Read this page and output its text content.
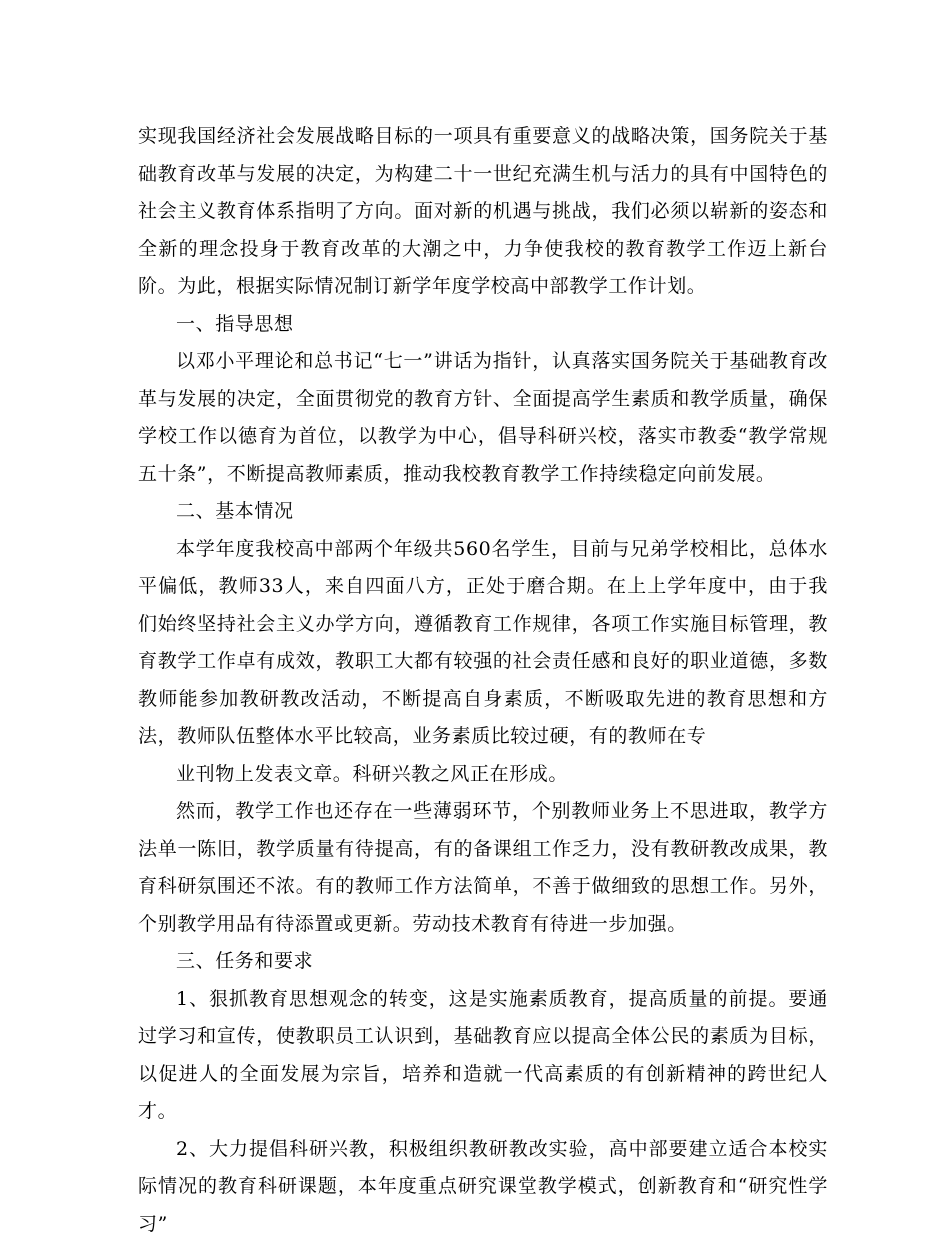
实现我国经济社会发展战略目标的一项具有重要意义的战略决策，国务院关于基础教育改革与发展的决定，为构建二十一世纪充满生机与活力的具有中国特色的社会主义教育体系指明了方向。面对新的机遇与挑战，我们必须以崭新的姿态和全新的理念投身于教育改革的大潮之中，力争使我校的教育教学工作迈上新台阶。为此，根据实际情况制订新学年度学校高中部教学工作计划。

一、指导思想

以邓小平理论和总书记“七一”讲话为指针，认真落实国务院关于基础教育改革与发展的决定，全面贯彻党的教育方针、全面提高学生素质和教学质量，确保学校工作以德育为首位，以教学为中心，倡导科研兴校，落实市教委“教学常规五十条”，不断提高教师素质，推动我校教育教学工作持续稳定向前发展。

二、基本情况

本学年度我校高中部两个年级共560名学生，目前与兄弟学校相比，总体水平偏低，教师33人，来自四面八方，正处于磨合期。在上上学年度中，由于我们始终坚持社会主义办学方向，遵循教育工作规律，各项工作实施目标管理，教育教学工作卓有成效，教职工大都有较强的社会责任感和良好的职业道德，多数教师能参加教研教改活动，不断提高自身素质，不断吸取先进的教育思想和方法，教师队伍整体水平比较高，业务素质比较过硬，有的教师在专

业刊物上发表文章。科研兴教之风正在形成。

然而，教学工作也还存在一些薄弱环节，个别教师业务上不思进取，教学方法单一陈旧，教学质量有待提高，有的备课组工作乏力，没有教研教改成果，教育科研氛围还不浓。有的教师工作方法简单，不善于做细致的思想工作。另外，个别教学用品有待添置或更新。劳动技术教育有待进一步加强。

三、任务和要求

1、狠抓教育思想观念的转变，这是实施素质教育，提高质量的前提。要通过学习和宣传，使教职员工认识到，基础教育应以提高全体公民的素质为目标，以促进人的全面发展为宗旨，培养和造就一代高素质的有创新精神的跨世纪人才。

2、大力提倡科研兴教，积极组织教研教改实验，高中部要建立适合本校实际情况的教育科研课题，本年度重点研究课堂教学模式，创新教育和“研究性学习”
